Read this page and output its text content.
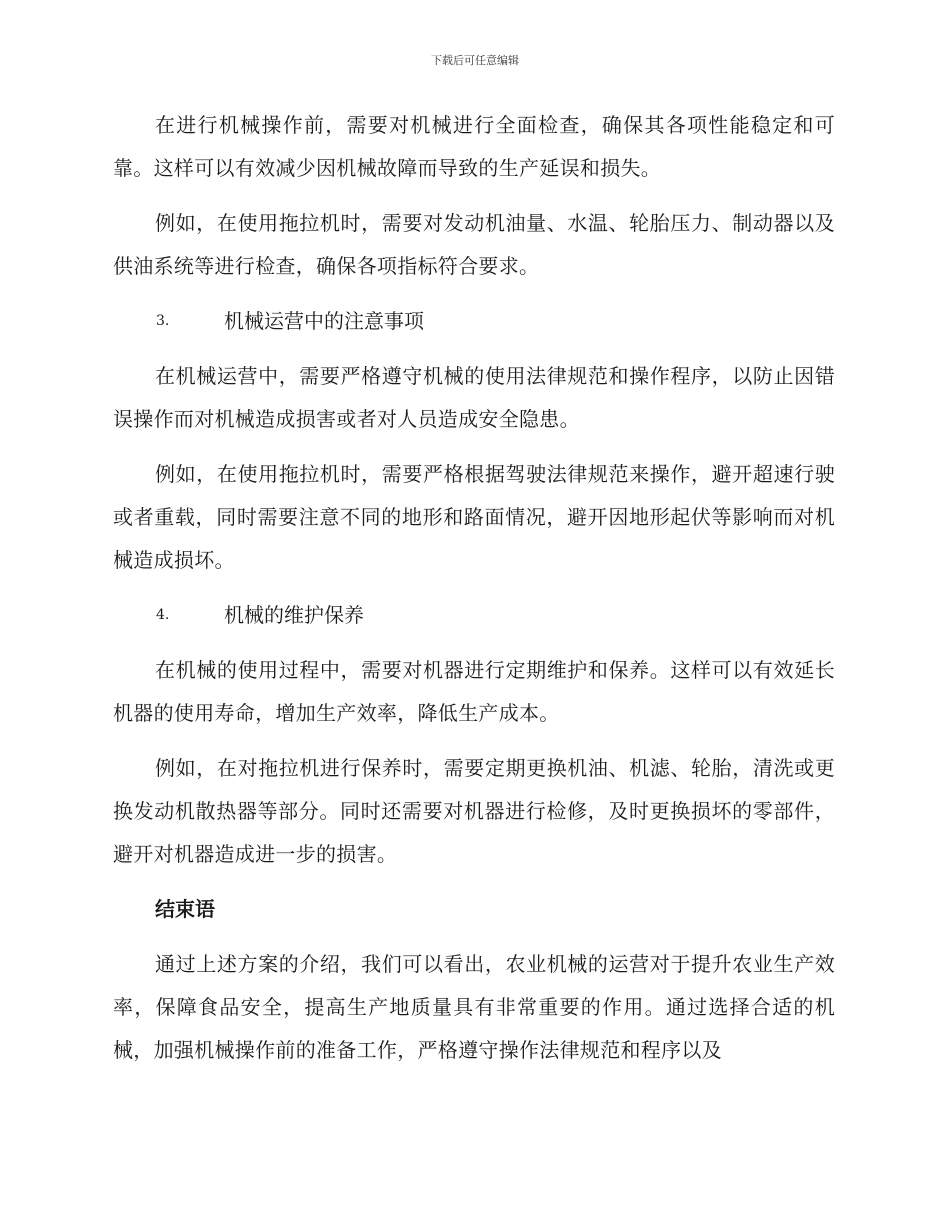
下载后可任意编辑

在进行机械操作前，需要对机械进行全面检查，确保其各项性能稳定和可靠。这样可以有效减少因机械故障而导致的生产延误和损失。

例如，在使用拖拉机时，需要对发动机油量、水温、轮胎压力、制动器以及供油系统等进行检查，确保各项指标符合要求。

3.	机械运营中的注意事项

在机械运营中，需要严格遵守机械的使用法律规范和操作程序，以防止因错误操作而对机械造成损害或者对人员造成安全隐患。

例如，在使用拖拉机时，需要严格根据驾驶法律规范来操作，避开超速行驶或者重载，同时需要注意不同的地形和路面情况，避开因地形起伏等影响而对机械造成损坏。

4.	机械的维护保养

在机械的使用过程中，需要对机器进行定期维护和保养。这样可以有效延长机器的使用寿命，增加生产效率，降低生产成本。

例如，在对拖拉机进行保养时，需要定期更换机油、机滤、轮胎，清洗或更换发动机散热器等部分。同时还需要对机器进行检修，及时更换损坏的零部件，避开对机器造成进一步的损害。

结束语

通过上述方案的介绍，我们可以看出，农业机械的运营对于提升农业生产效率，保障食品安全，提高生产地质量具有非常重要的作用。通过选择合适的机械，加强机械操作前的准备工作，严格遵守操作法律规范和程序以及
